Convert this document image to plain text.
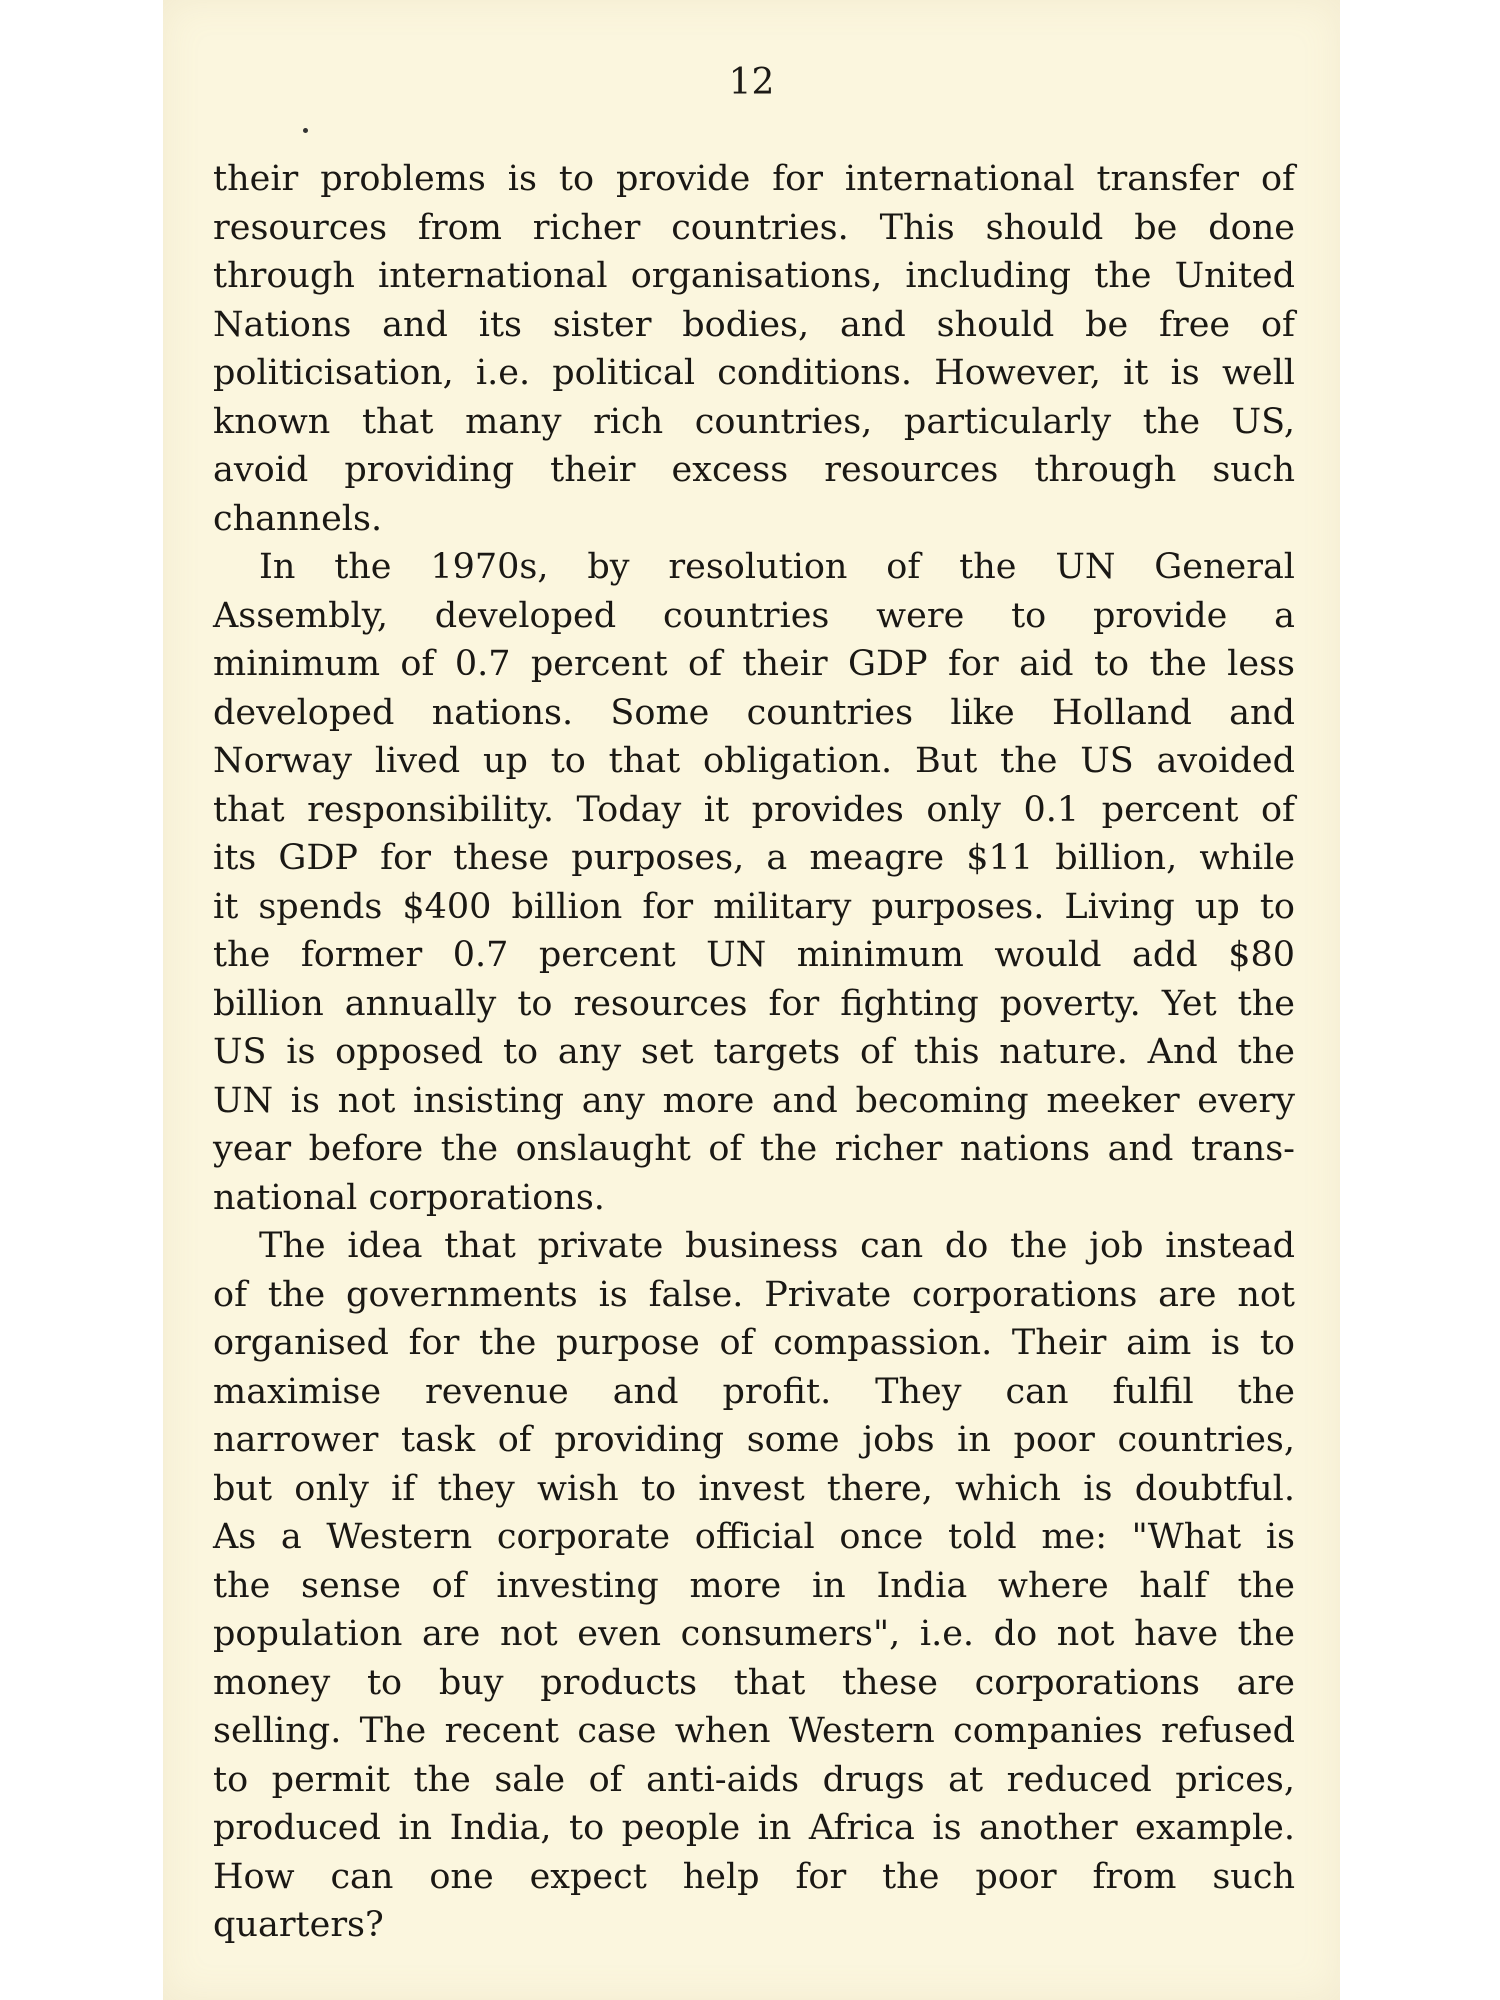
12
their problems is to provide for international transfer of
resources from richer countries. This should be done
through international organisations, including the United
Nations and its sister bodies, and should be free of
politicisation, i.e. political conditions. However, it is well
known that many rich countries, particularly the US,
avoid providing their excess resources through such
channels.
In the 1970s, by resolution of the UN General
Assembly, developed countries were to provide a
minimum of 0.7 percent of their GDP for aid to the less
developed nations. Some countries like Holland and
Norway lived up to that obligation. But the US avoided
that responsibility. Today it provides only 0.1 percent of
its GDP for these purposes, a meagre $11 billion, while
it spends $400 billion for military purposes. Living up to
the former 0.7 percent UN minimum would add $80
billion annually to resources for fighting poverty. Yet the
US is opposed to any set targets of this nature. And the
UN is not insisting any more and becoming meeker every
year before the onslaught of the richer nations and trans-
national corporations.
The idea that private business can do the job instead
of the governments is false. Private corporations are not
organised for the purpose of compassion. Their aim is to
maximise revenue and profit. They can fulfil the
narrower task of providing some jobs in poor countries,
but only if they wish to invest there, which is doubtful.
As a Western corporate official once told me: "What is
the sense of investing more in India where half the
population are not even consumers", i.e. do not have the
money to buy products that these corporations are
selling. The recent case when Western companies refused
to permit the sale of anti-aids drugs at reduced prices,
produced in India, to people in Africa is another example.
How can one expect help for the poor from such
quarters?
